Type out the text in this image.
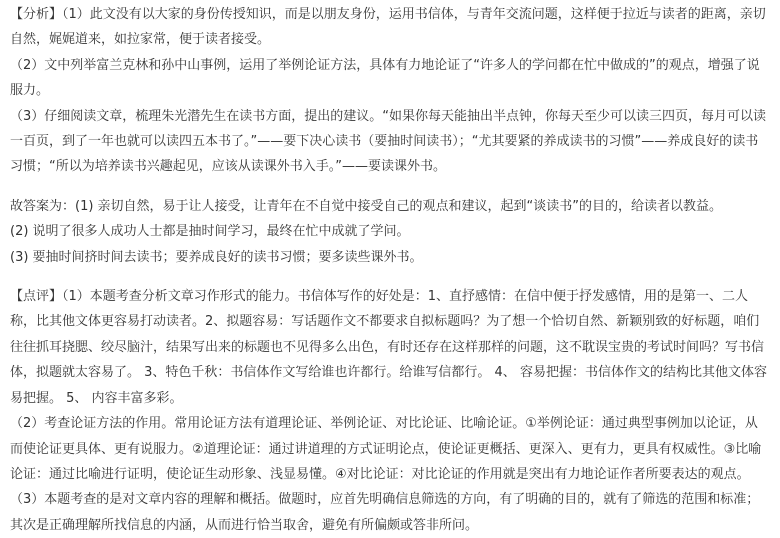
【分析】（1）此文没有以大家的身份传授知识，而是以朋友身份，运用书信体，与青年交流问题，这样便于拉近与读者的距离，亲切自然，娓娓道来，如拉家常，便于读者接受。

（2）文中列举富兰克林和孙中山事例，运用了举例论证方法，具体有力地论证了“许多人的学问都在忙中做成的”的观点，增强了说服力。

（3）仔细阅读文章，梳理朱光潜先生在读书方面，提出的建议。“如果你每天能抽出半点钟，你每天至少可以读三四页，每月可以读一百页，到了一年也就可以读四五本书了。”——要下决心读书（要抽时间读书）；“尤其要紧的养成读书的习惯”——养成良好的读书习惯；“所以为培养读书兴趣起见，应该从读课外书入手。”——要读课外书。

故答案为：(1) 亲切自然，易于让人接受，让青年在不自觉中接受自己的观点和建议，起到“谈读书”的目的，给读者以教益。

(2) 说明了很多人成功人士都是抽时间学习，最终在忙中成就了学问。

(3) 要抽时间挤时间去读书；要养成良好的读书习惯；要多读些课外书。

【点评】（1）本题考查分析文章习作形式的能力。书信体写作的好处是：1、直抒感情：在信中便于抒发感情，用的是第一、二人称，比其他文体更容易打动读者。2、拟题容易：写话题作文不都要求自拟标题吗？为了想一个恰切自然、新颖别致的好标题，咱们往往抓耳挠腮、绞尽脑汁，结果写出来的标题也不见得多么出色，有时还存在这样那样的问题，这不耽误宝贵的考试时间吗？写书信体，拟题就太容易了。 3、特色千秋：书信体作文写给谁也许都行。给谁写信都行。 4、 容易把握：书信体作文的结构比其他文体容易把握。 5、 内容丰富多彩。

（2）考查论证方法的作用。常用论证方法有道理论证、举例论证、对比论证、比喻论证。①举例论证：通过典型事例加以论证，从而使论证更具体、更有说服力。②道理论证：通过讲道理的方式证明论点，使论证更概括、更深入、更有力，更具有权威性。③比喻论证：通过比喻进行证明，使论证生动形象、浅显易懂。④对比论证：对比论证的作用就是突出有力地论证作者所要表达的观点。

（3）本题考查的是对文章内容的理解和概括。做题时，应首先明确信息筛选的方向，有了明确的目的，就有了筛选的范围和标准；其次是正确理解所找信息的内涵，从而进行恰当取舍，避免有所偏颇或答非所问。
